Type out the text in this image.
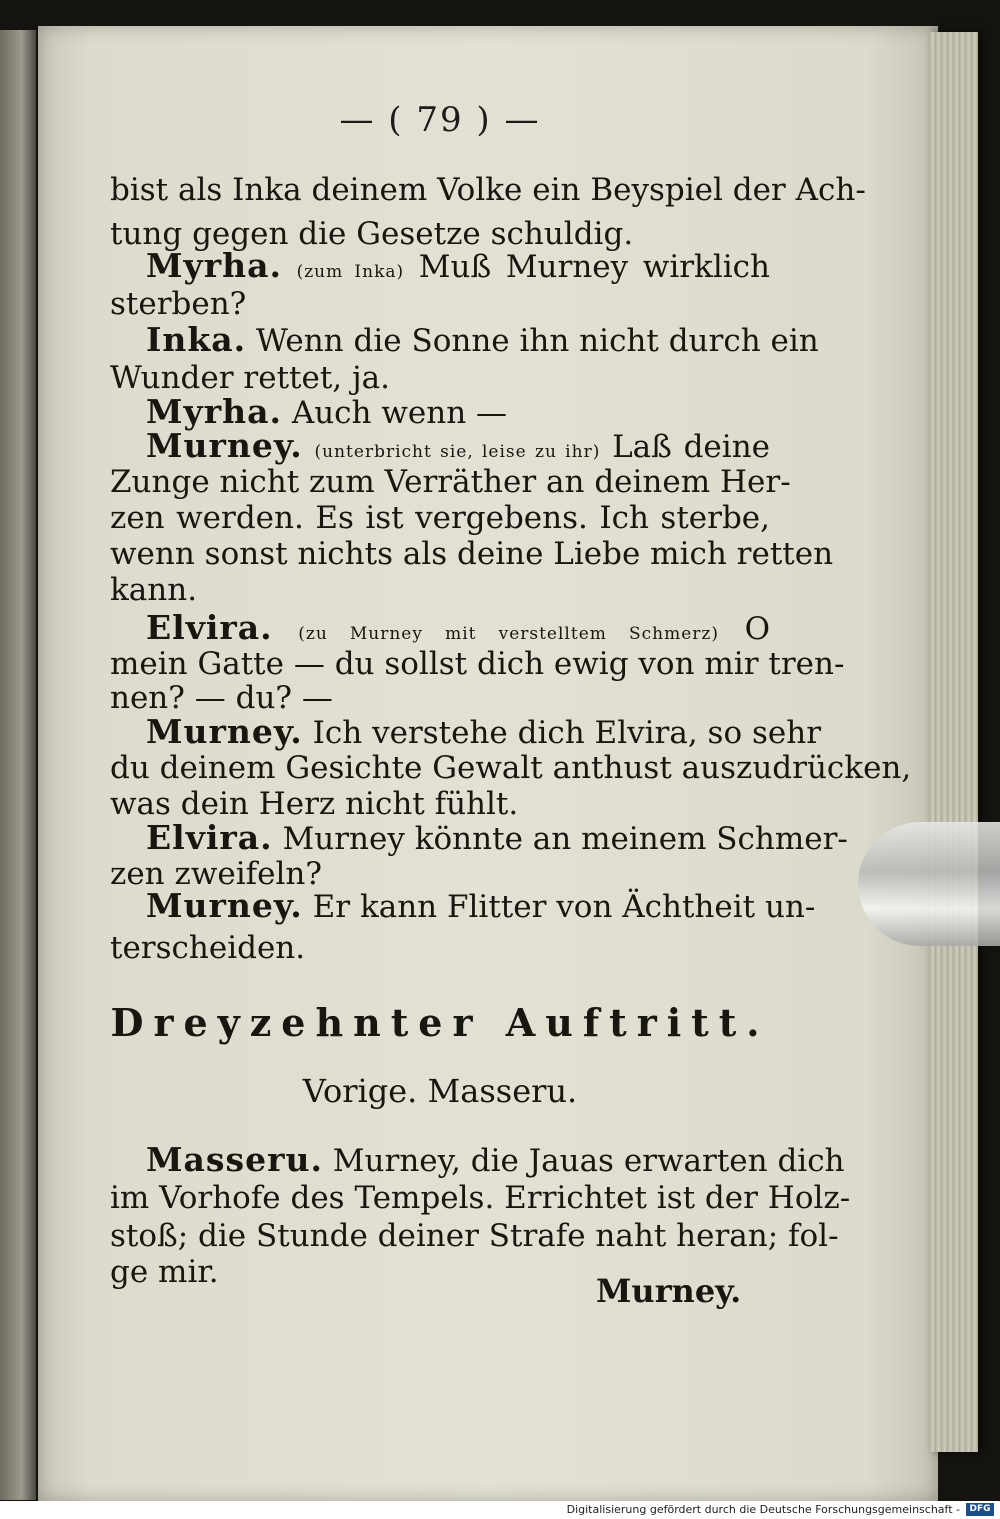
— ( 79 ) —
bist als Inka deinem Volke ein Beyspiel der Ach-
tung gegen die Gesetze schuldig.
Myrha. (zum Inka) Muß Murney wirklich
sterben?
Inka. Wenn die Sonne ihn nicht durch ein
Wunder rettet, ja.
Myrha. Auch wenn —
Murney. (unterbricht sie, leise zu ihr) Laß deine
Zunge nicht zum Verräther an deinem Her-
zen werden. Es ist vergebens. Ich sterbe,
wenn sonst nichts als deine Liebe mich retten
kann.
Elvira. (zu Murney mit verstelltem Schmerz) O
mein Gatte — du sollst dich ewig von mir tren-
nen? — du? —
Murney. Ich verstehe dich Elvira, so sehr
du deinem Gesichte Gewalt anthust auszudrücken,
was dein Herz nicht fühlt.
Elvira. Murney könnte an meinem Schmer-
zen zweifeln?
Murney. Er kann Flitter von Ächtheit un-
terscheiden.
Dreyzehnter Auftritt.
Vorige. Masseru.
Masseru. Murney, die Jauas erwarten dich
im Vorhofe des Tempels. Errichtet ist der Holz-
stoß; die Stunde deiner Strafe naht heran; fol-
ge mir.	Murney.
Digitalisierung gefördert durch die Deutsche Forschungsgemeinschaft -	DFG
